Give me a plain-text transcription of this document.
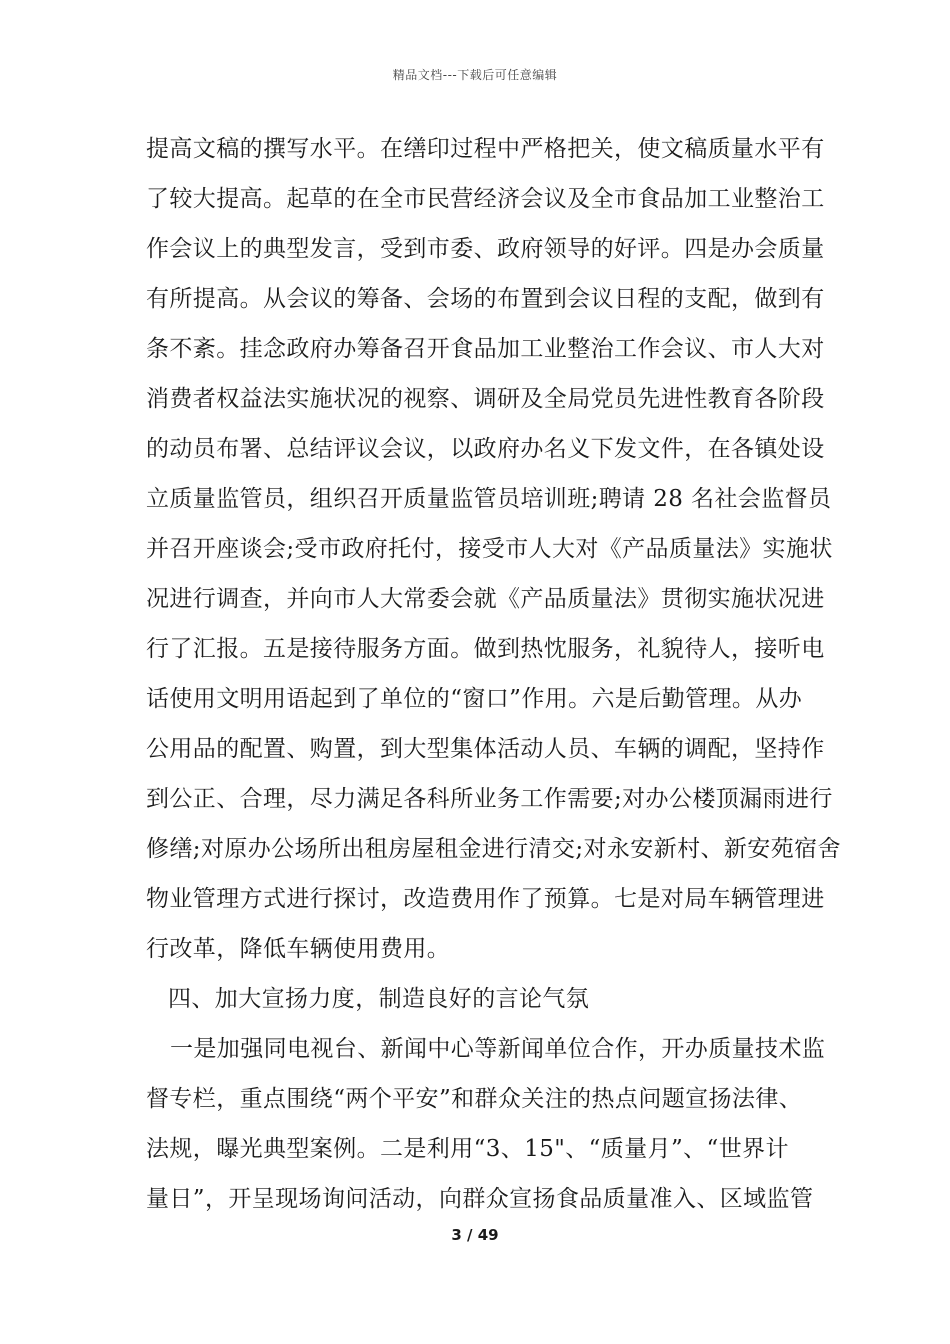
精品文档---下载后可任意编辑
提高文稿的撰写水平。在缮印过程中严格把关，使文稿质量水平有
了较大提高。起草的在全市民营经济会议及全市食品加工业整治工
作会议上的典型发言，受到市委、政府领导的好评。四是办会质量
有所提高。从会议的筹备、会场的布置到会议日程的支配，做到有
条不紊。挂念政府办筹备召开食品加工业整治工作会议、市人大对
消费者权益法实施状况的视察、调研及全局党员先进性教育各阶段
的动员布署、总结评议会议，以政府办名义下发文件，在各镇处设
立质量监管员，组织召开质量监管员培训班;聘请 28 名社会监督员
并召开座谈会;受市政府托付，接受市人大对《产品质量法》实施状
况进行调查，并向市人大常委会就《产品质量法》贯彻实施状况进
行了汇报。五是接待服务方面。做到热忱服务，礼貌待人，接听电
话使用文明用语起到了单位的“窗口”作用。六是后勤管理。从办
公用品的配置、购置，到大型集体活动人员、车辆的调配，坚持作
到公正、合理，尽力满足各科所业务工作需要;对办公楼顶漏雨进行
修缮;对原办公场所出租房屋租金进行清交;对永安新村、新安苑宿舍
物业管理方式进行探讨，改造费用作了预算。七是对局车辆管理进
行改革，降低车辆使用费用。
四、加大宣扬力度，制造良好的言论气氛
一是加强同电视台、新闻中心等新闻单位合作，开办质量技术监
督专栏，重点围绕“两个平安”和群众关注的热点问题宣扬法律、
法规，曝光典型案例。二是利用“3、15"、“质量月”、“世界计
量日”，开呈现场询问活动，向群众宣扬食品质量准入、区域监管
3 / 49
